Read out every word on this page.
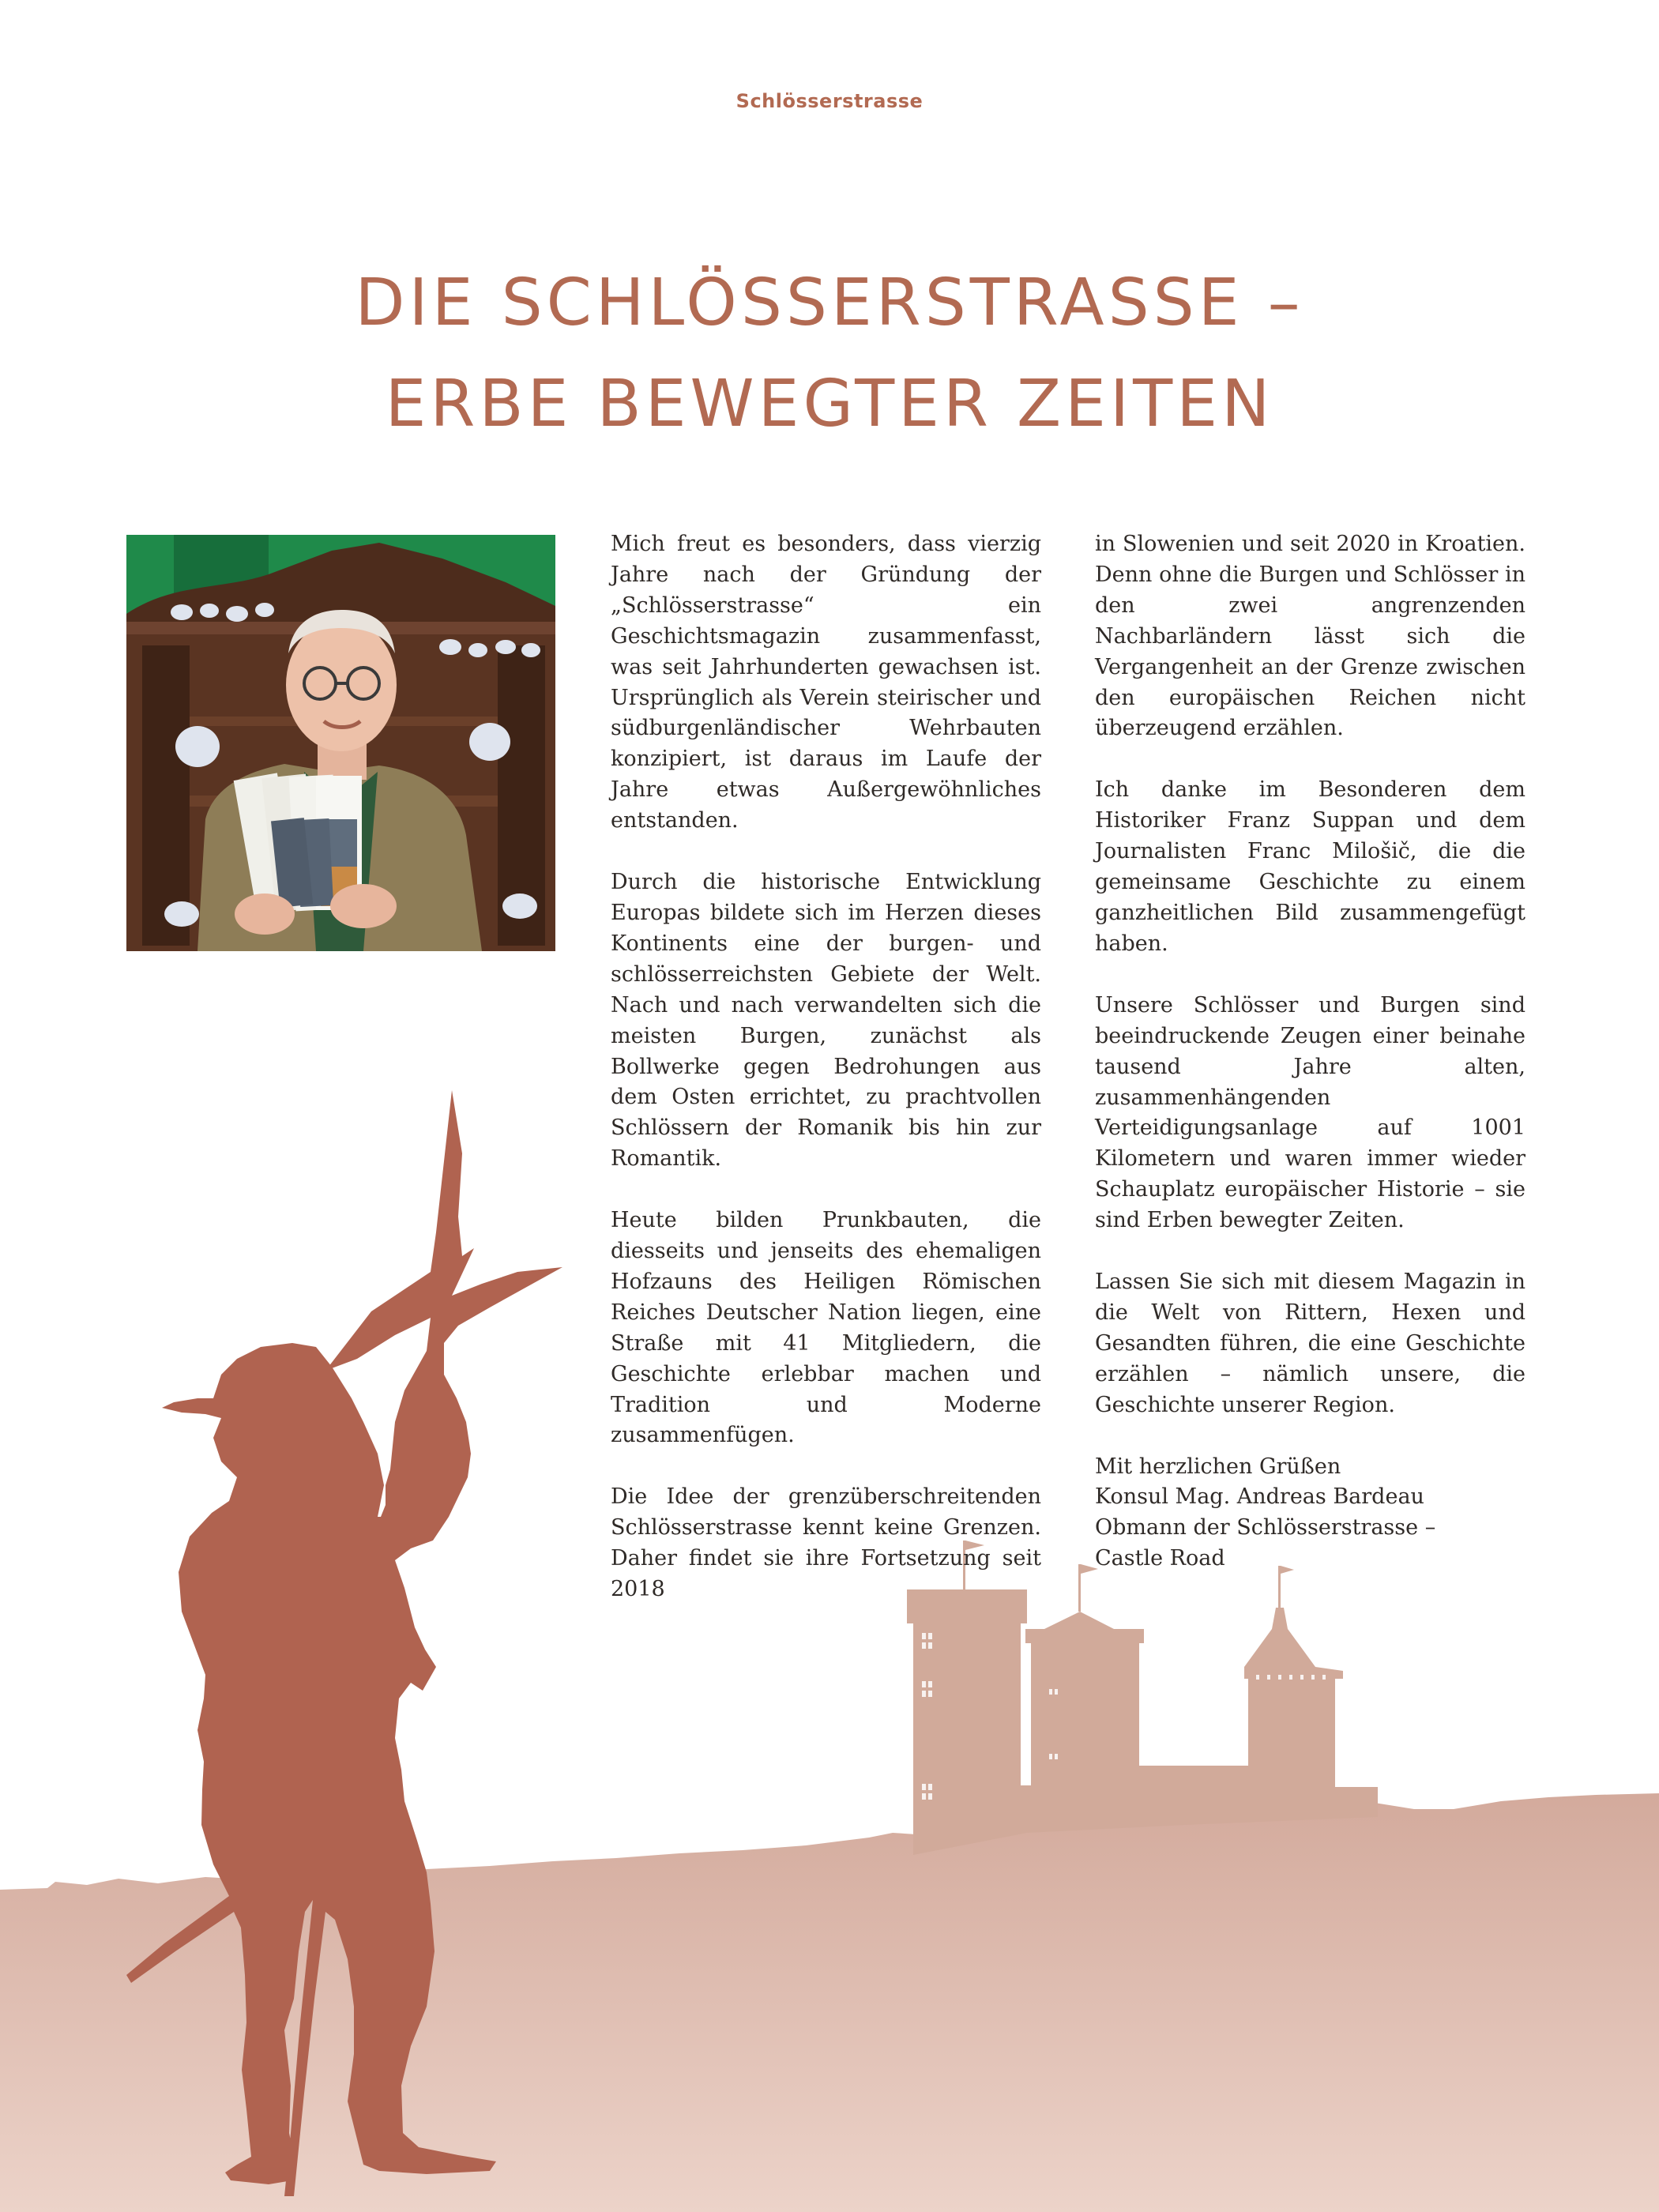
Schlösserstrasse
DIE SCHLÖSSERSTRASSE –
ERBE BEWEGTER ZEITEN

Mich freut es besonders, dass vierzig Jahre nach der Gründung der „Schlösserstrasse“ ein Geschichtsmagazin zusammenfasst, was seit Jahrhunderten gewachsen ist. Ursprünglich als Verein steirischer und südburgenländischer Wehrbauten konzipiert, ist daraus im Laufe der Jahre etwas Außergewöhnliches entstanden.

Durch die historische Entwicklung Europas bildete sich im Herzen dieses Kontinents eine der burgen- und schlösserreichsten Gebiete der Welt. Nach und nach verwandelten sich die meisten Burgen, zunächst als Bollwerke gegen Bedrohungen aus dem Osten errichtet, zu prachtvollen Schlössern der Romanik bis hin zur Romantik.

Heute bilden Prunkbauten, die diesseits und jenseits des ehemaligen Hofzauns des Heiligen Römischen Reiches Deutscher Nation liegen, eine Straße mit 41 Mitgliedern, die Geschichte erlebbar machen und Tradition und Moderne zusammenfügen.

Die Idee der grenzüberschreitenden Schlösserstrasse kennt keine Grenzen. Daher findet sie ihre Fortsetzung seit 2018

in Slowenien und seit 2020 in Kroatien. Denn ohne die Burgen und Schlösser in den zwei angrenzenden Nachbarländern lässt sich die Vergangenheit an der Grenze zwischen den europäischen Reichen nicht überzeugend erzählen.

Ich danke im Besonderen dem Historiker Franz Suppan und dem Journalisten Franc Milošič, die die gemeinsame Geschichte zu einem ganzheitlichen Bild zusammengefügt haben.

Unsere Schlösser und Burgen sind beeindruckende Zeugen einer beinahe tausend Jahre alten, zusammenhängenden Verteidigungsanlage auf 1001 Kilometern und waren immer wieder Schauplatz europäischer Historie – sie sind Erben bewegter Zeiten.

Lassen Sie sich mit diesem Magazin in die Welt von Rittern, Hexen und Gesandten führen, die eine Geschichte erzählen – nämlich unsere, die Geschichte unserer Region.

Mit herzlichen Grüßen

Konsul Mag. Andreas Bardeau

Obmann der Schlösserstrasse –

Castle Road
